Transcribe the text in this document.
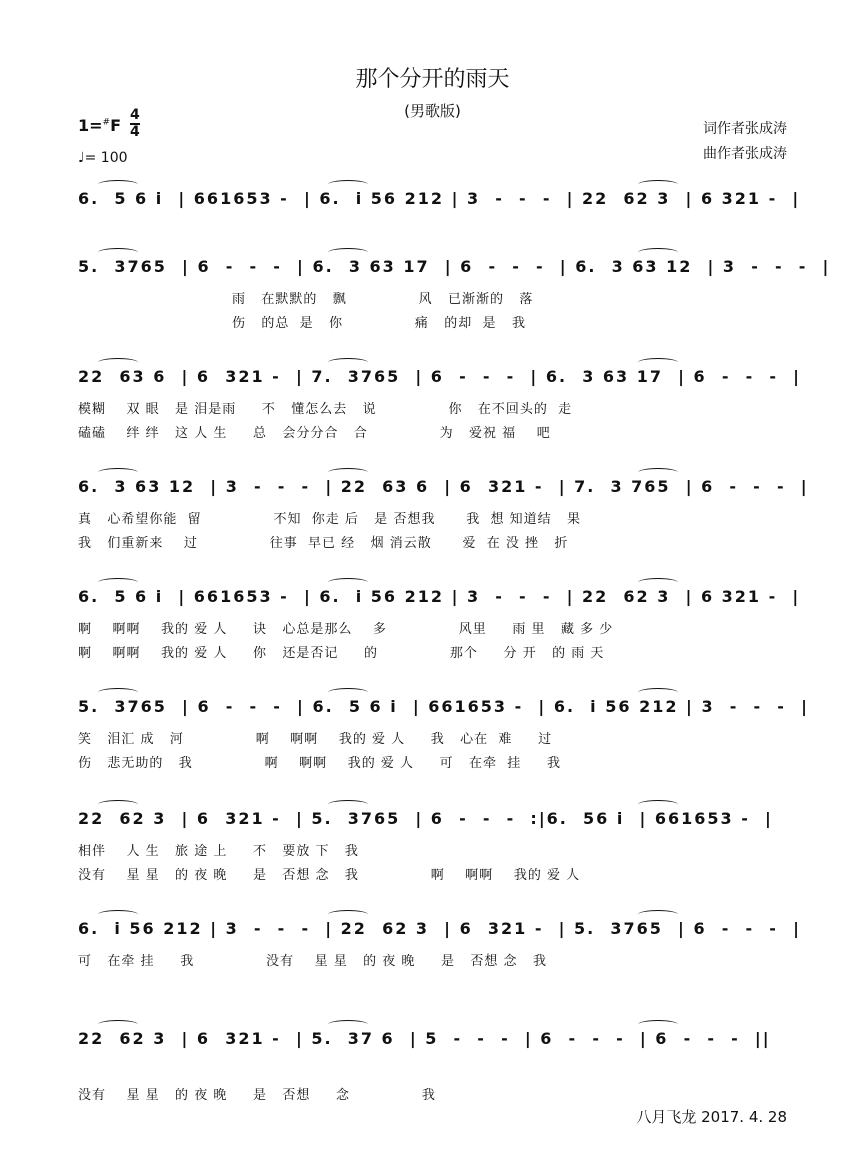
那个分开的雨天
(男歌版)
1=#F
4
4
♩= 100
词作者张成涛
曲作者张成涛
6.  5 6 i  | 661653 -  | 6.  i 56 212 | 3  -  -  -  | 22  62 3  | 6 321 -  |
5.  3765  | 6  -  -  -  | 6.  3 63 17  | 6  -  -  -  | 6.  3 63 12  | 3  -  -  -  |
雨   在默默的   飘              风   已渐渐的   落
伤   的总  是   你              痛   的却  是   我
22  63 6  | 6  321 -  | 7.  3765  | 6  -  -  -  | 6.  3 63 17  | 6  -  -  -  |
模糊    双 眼   是 泪是雨     不   懂怎么去   说              你   在不回头的  走
磕磕    绊 绊   这 人 生     总   会分分合   合              为   爱祝 福    吧
6.  3 63 12  | 3  -  -  -  | 22  63 6  | 6  321 -  | 7.  3 765  | 6  -  -  -  |
真   心希望你能  留              不知  你走 后   是 否想我      我  想 知道结   果
我   们重新来    过              往事  早已 经   烟 消云散      爱  在 没 挫   折
6.  5 6 i  | 661653 -  | 6.  i 56 212 | 3  -  -  -  | 22  62 3  | 6 321 -  |
啊    啊啊    我的 爱 人     诀   心总是那么    多              风里     雨 里   藏 多 少
啊    啊啊    我的 爱 人     你   还是否记     的              那个     分 开   的 雨 天
5.  3765  | 6  -  -  -  | 6.  5 6 i  | 661653 -  | 6.  i 56 212 | 3  -  -  -  |
笑   泪汇 成   河              啊    啊啊    我的 爱 人     我   心在  难     过
伤   悲无助的   我              啊    啊啊    我的 爱 人     可   在牵  挂     我
22  62 3  | 6  321 -  | 5.  3765  | 6  -  -  -  :|6.  56 i  | 661653 -  |
相伴    人 生   旅 途 上     不   要放 下   我
没有    星 星   的 夜 晚     是   否想 念   我              啊    啊啊    我的 爱 人
6.  i 56 212 | 3  -  -  -  | 22  62 3  | 6  321 -  | 5.  3765  | 6  -  -  -  |
可   在牵 挂     我              没有    星 星   的 夜 晚     是   否想 念   我
22  62 3  | 6  321 -  | 5.  37 6  | 5  -  -  -  | 6  -  -  -  | 6  -  -  -  ||
没有    星 星   的 夜 晚     是   否想     念              我
八月飞龙 2017. 4. 28
